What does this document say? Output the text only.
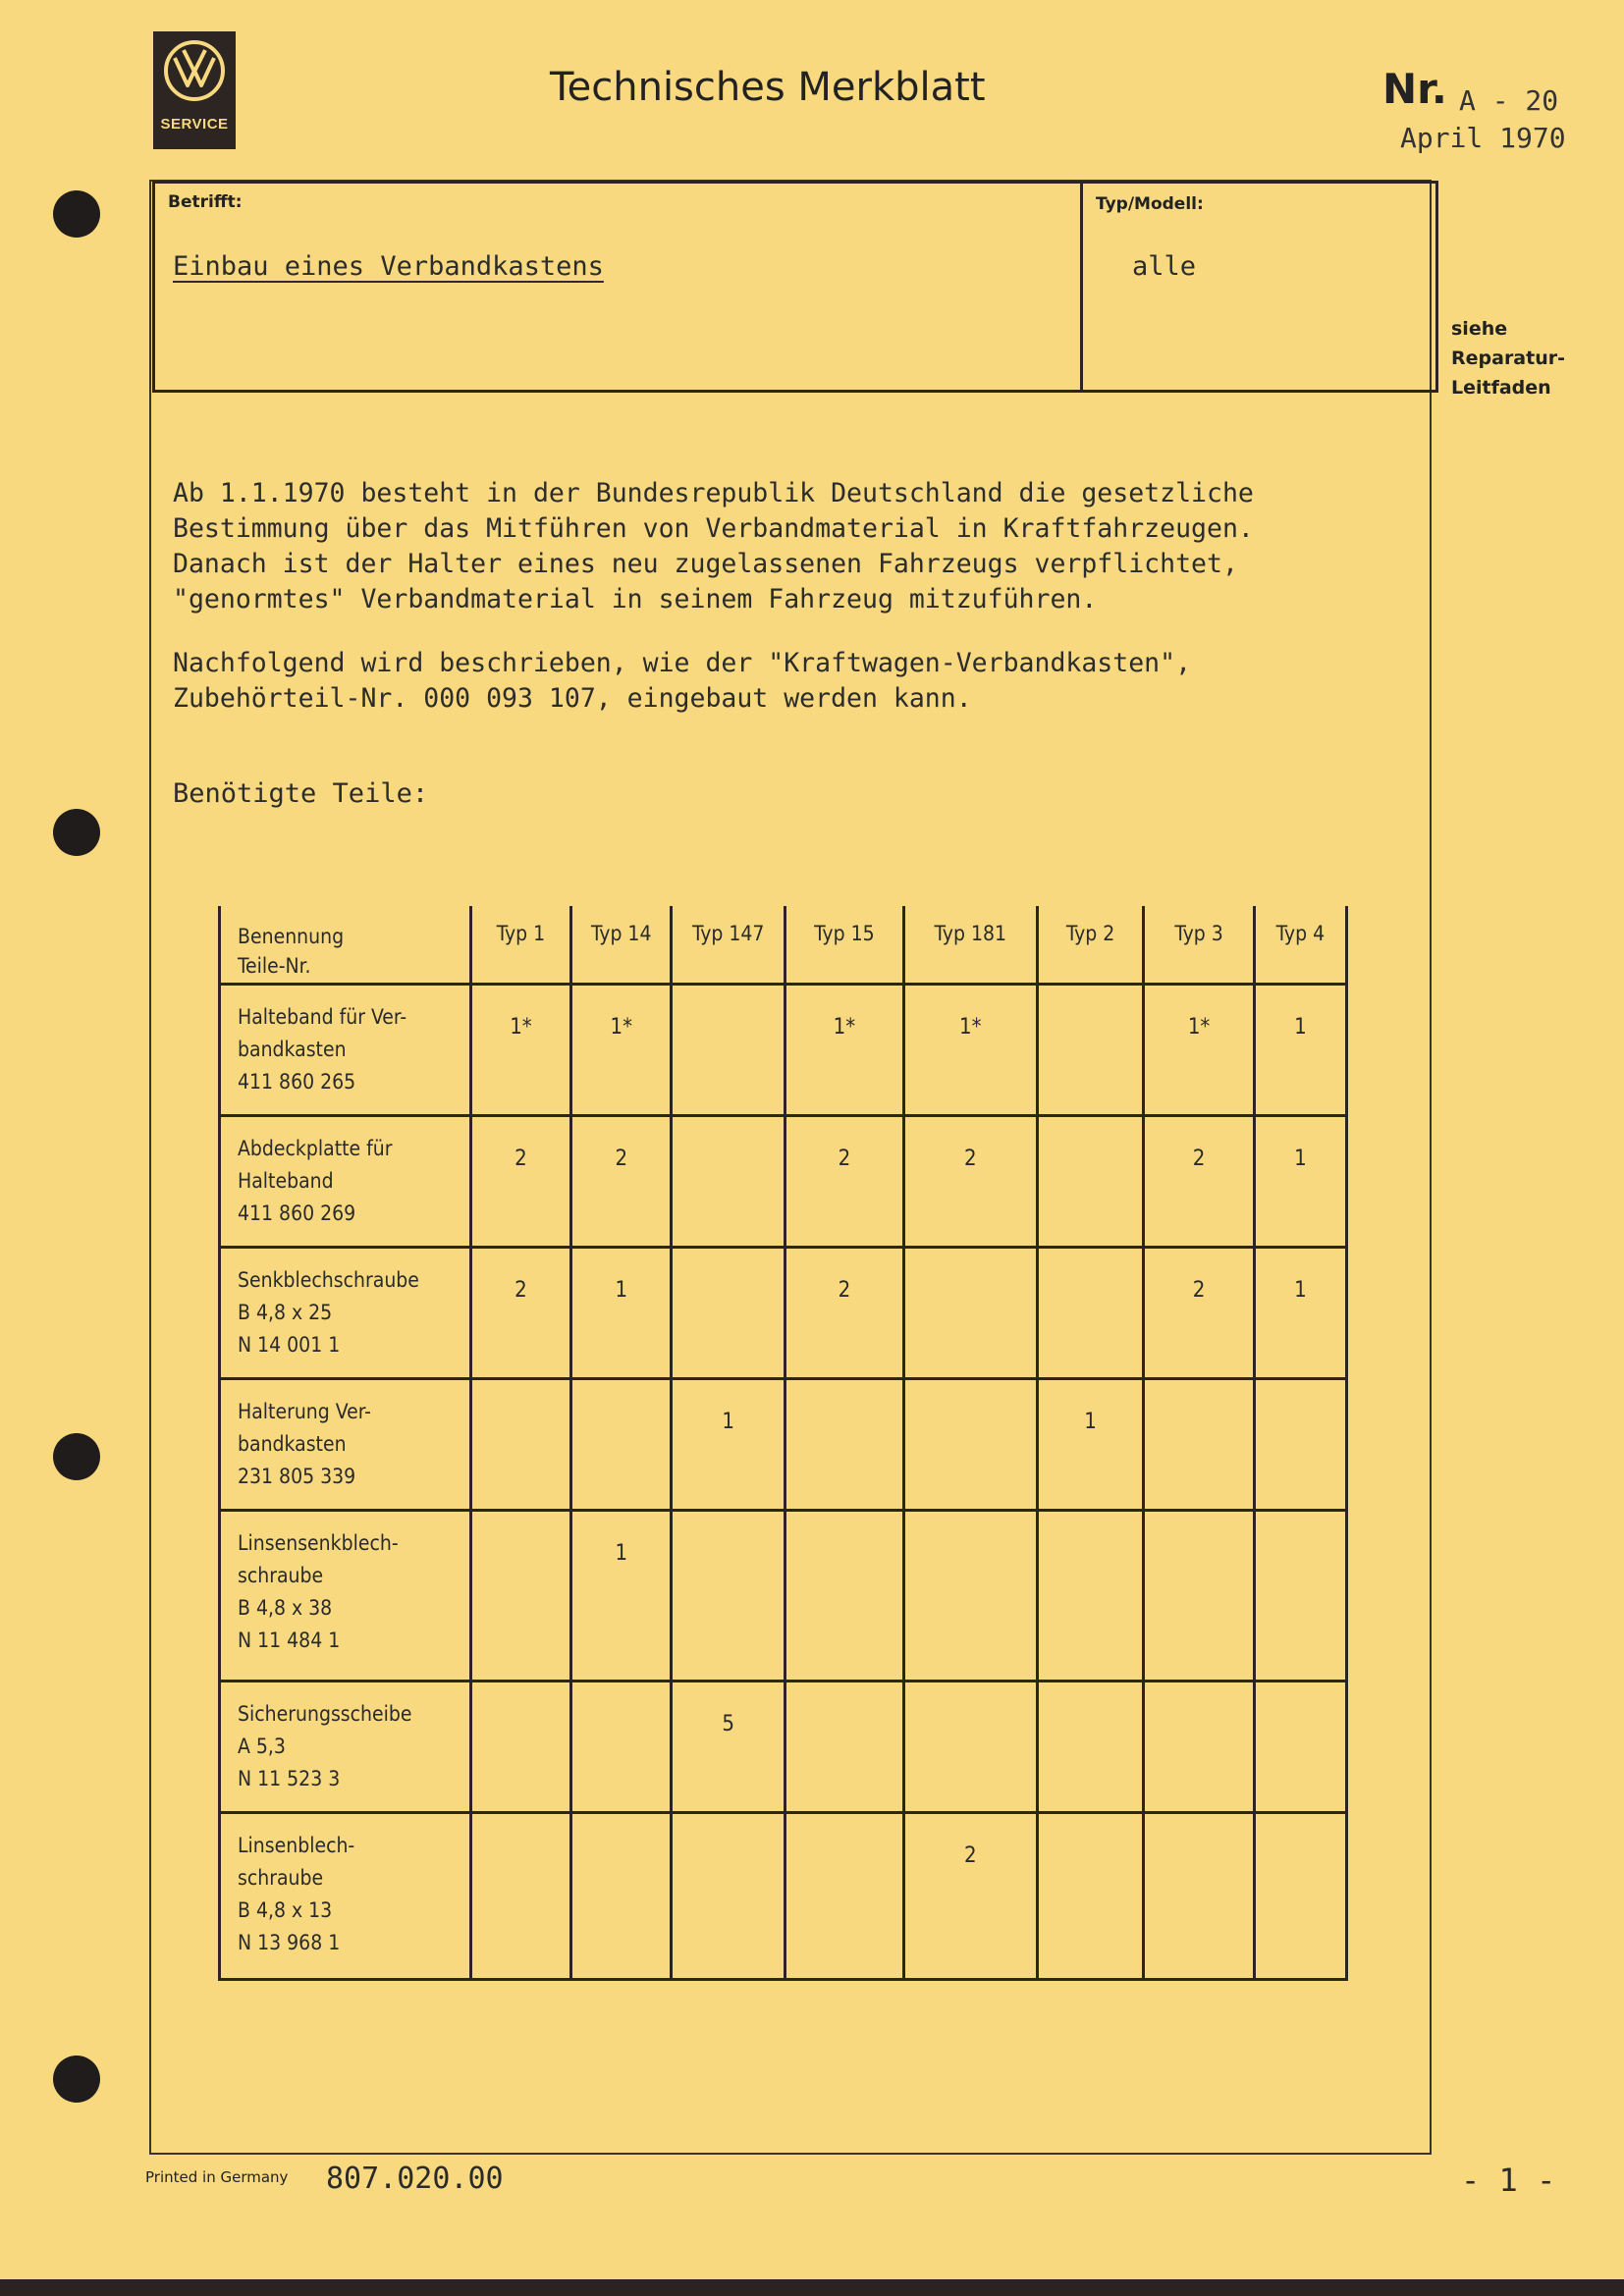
SERVICE
Technisches Merkblatt	Nr. A - 20
April 1970
Betrifft:
Einbau eines Verbandkastens
Typ/Modell:
alle
siehe
Reparatur-
Leitfaden
Ab 1.1.1970 besteht in der Bundesrepublik Deutschland die gesetzliche
Bestimmung über das Mitführen von Verbandmaterial in Kraftfahrzeugen.
Danach ist der Halter eines neu zugelassenen Fahrzeugs verpflichtet,
"genormtes" Verbandmaterial in seinem Fahrzeug mitzuführen.
Nachfolgend wird beschrieben, wie der "Kraftwagen-Verbandkasten",
Zubehörteil-Nr. 000 093 107, eingebaut werden kann.
Benötigte Teile:
Benennung
Teile-Nr.	Typ 1	Typ 14	Typ 147	Typ 15	Typ 181	Typ 2	Typ 3	Typ 4

Halteband für Ver-
bandkasten
411 860 265	1*	1*		1*	1*		1*	1

Abdeckplatte für
Halteband
411 860 269	2	2		2	2		2	1

Senkblechschraube
B 4,8 x 25
N 14 001 1	2	1		2			2	1

Halterung Ver-
bandkasten
231 805 339			1			1		

Linsensenkblech-
schraube
B 4,8 x 38
N 11 484 1		1						

Sicherungsscheibe
A 5,3
N 11 523 3			5					

Linsenblech-
schraube
B 4,8 x 13
N 13 968 1					2			
Printed in Germany 807.020.00	- 1 -
